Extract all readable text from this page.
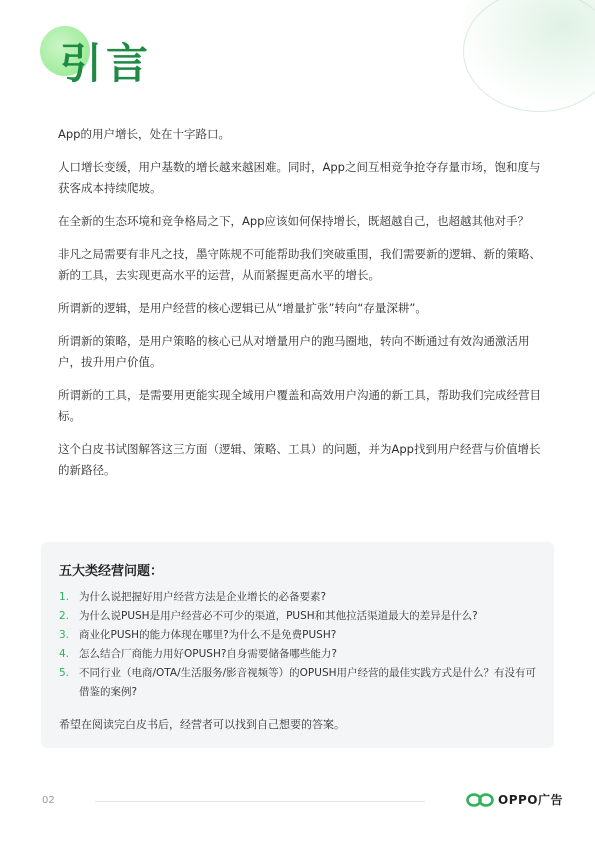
引言

App的用户增长，处在十字路口。

人口增长变缓，用户基数的增长越来越困难。同时，App之间互相竞争抢夺存量市场，饱和度与获客成本持续爬坡。

在全新的生态环境和竞争格局之下，App应该如何保持增长，既超越自己，也超越其他对手？

非凡之局需要有非凡之技，墨守陈规不可能帮助我们突破重围，我们需要新的逻辑、新的策略、新的工具，去实现更高水平的运营，从而紧握更高水平的增长。

所谓新的逻辑，是用户经营的核心逻辑已从“增量扩张”转向“存量深耕”。

所谓新的策略，是用户策略的核心已从对增量用户的跑马圈地，转向不断通过有效沟通激活用户，拔升用户价值。

所谓新的工具，是需要用更能实现全域用户覆盖和高效用户沟通的新工具，帮助我们完成经营目标。

这个白皮书试图解答这三方面（逻辑、策略、工具）的问题，并为App找到用户经营与价值增长的新路径。

五大类经营问题：
1. 为什么说把握好用户经营方法是企业增长的必备要素?
2. 为什么说PUSH是用户经营必不可少的渠道，PUSH和其他拉活渠道最大的差异是什么?
3. 商业化PUSH的能力体现在哪里?为什么不是免费PUSH?
4. 怎么结合厂商能力用好OPUSH?自身需要储备哪些能力?
5. 不同行业（电商/OTA/生活服务/影音视频等）的OPUSH用户经营的最佳实践方式是什么？有没有可借鉴的案例?
希望在阅读完白皮书后，经营者可以找到自己想要的答案。
02	OPPO广告
